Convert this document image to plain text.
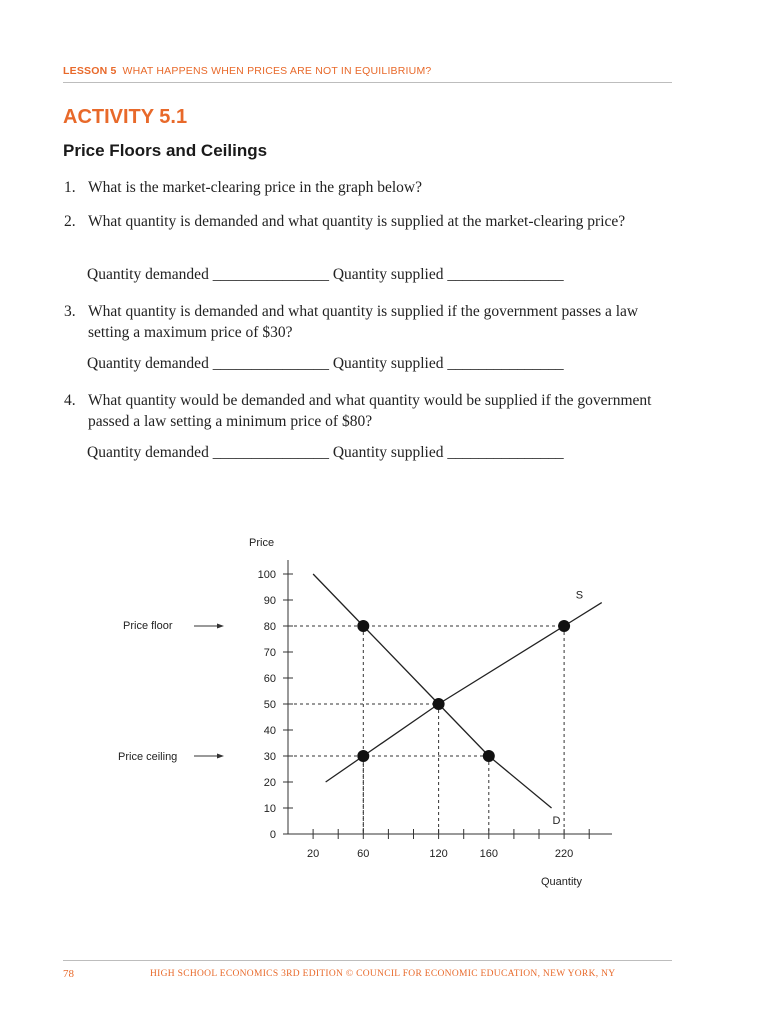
LESSON 5 WHAT HAPPENS WHEN PRICES ARE NOT IN EQUILIBRIUM?
ACTIVITY 5.1
Price Floors and Ceilings
1. What is the market-clearing price in the graph below?
2. What quantity is demanded and what quantity is supplied at the market-clearing price?
Quantity demanded _______________ Quantity supplied _______________
3. What quantity is demanded and what quantity is supplied if the government passes a law setting a maximum price of $30?
Quantity demanded _______________ Quantity supplied _______________
4. What quantity would be demanded and what quantity would be supplied if the government passed a law setting a minimum price of $80?
Quantity demanded _______________ Quantity supplied _______________
Price
Quantity
0
10
20
30
40
50
60
70
80
90
100
20	60	120	160	220
S
D
Price floor
Price ceiling
78	HIGH SCHOOL ECONOMICS 3RD EDITION © COUNCIL FOR ECONOMIC EDUCATION, NEW YORK, NY
